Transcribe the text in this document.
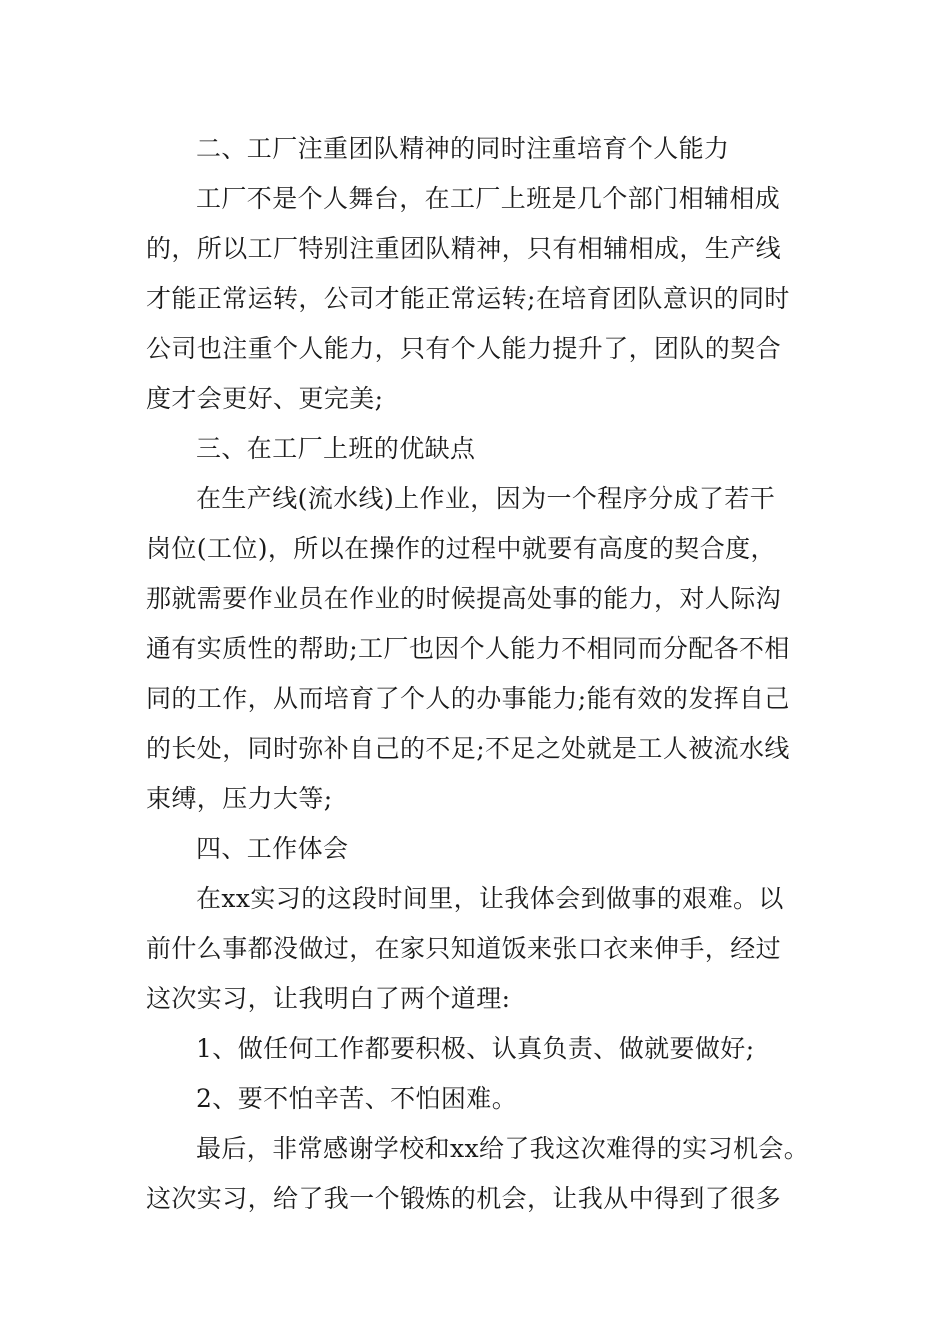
二、工厂注重团队精神的同时注重培育个人能力
工厂不是个人舞台，在工厂上班是几个部门相辅相成
的，所以工厂特别注重团队精神，只有相辅相成，生产线
才能正常运转，公司才能正常运转;在培育团队意识的同时
公司也注重个人能力，只有个人能力提升了，团队的契合
度才会更好、更完美;
三、在工厂上班的优缺点
在生产线(流水线)上作业，因为一个程序分成了若干
岗位(工位)，所以在操作的过程中就要有高度的契合度，
那就需要作业员在作业的时候提高处事的能力，对人际沟
通有实质性的帮助;工厂也因个人能力不相同而分配各不相
同的工作，从而培育了个人的办事能力;能有效的发挥自己
的长处，同时弥补自己的不足;不足之处就是工人被流水线
束缚，压力大等;
四、工作体会
在xx实习的这段时间里，让我体会到做事的艰难。以
前什么事都没做过，在家只知道饭来张口衣来伸手，经过
这次实习，让我明白了两个道理:
1、做任何工作都要积极、认真负责、做就要做好;
2、要不怕辛苦、不怕困难。
最后，非常感谢学校和xx给了我这次难得的实习机会。
这次实习，给了我一个锻炼的机会，让我从中得到了很多
